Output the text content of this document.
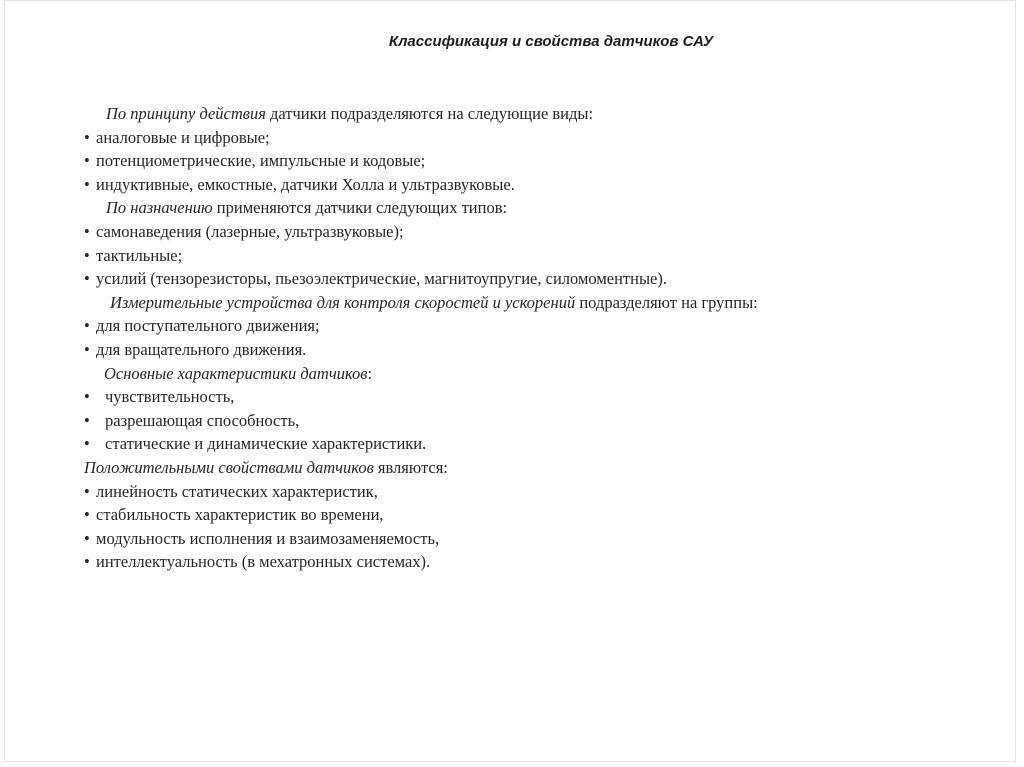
Классификация и свойства датчиков САУ

По принципу действия датчики подразделяются на следующие виды:

• аналоговые и цифровые;

• потенциометрические, импульсные и кодовые;

• индуктивные, емкостные, датчики Холла и ультразвуковые.

По назначению применяются датчики следующих типов:

• самонаведения (лазерные, ультразвуковые);

• тактильные;

• усилий (тензорезисторы, пьезоэлектрические, магнитоупругие, силомоментные).

Измерительные устройства для контроля скоростей и ускорений подразделяют на группы:

• для поступательного движения;

• для вращательного движения.

Основные характеристики датчиков:

• чувствительность,

• разрешающая способность,

• статические и динамические характеристики.

Положительными свойствами датчиков являются:

• линейность статических характеристик,

• стабильность характеристик во времени,

• модульность исполнения и взаимозаменяемость,

• интеллектуальность (в мехатронных системах).
